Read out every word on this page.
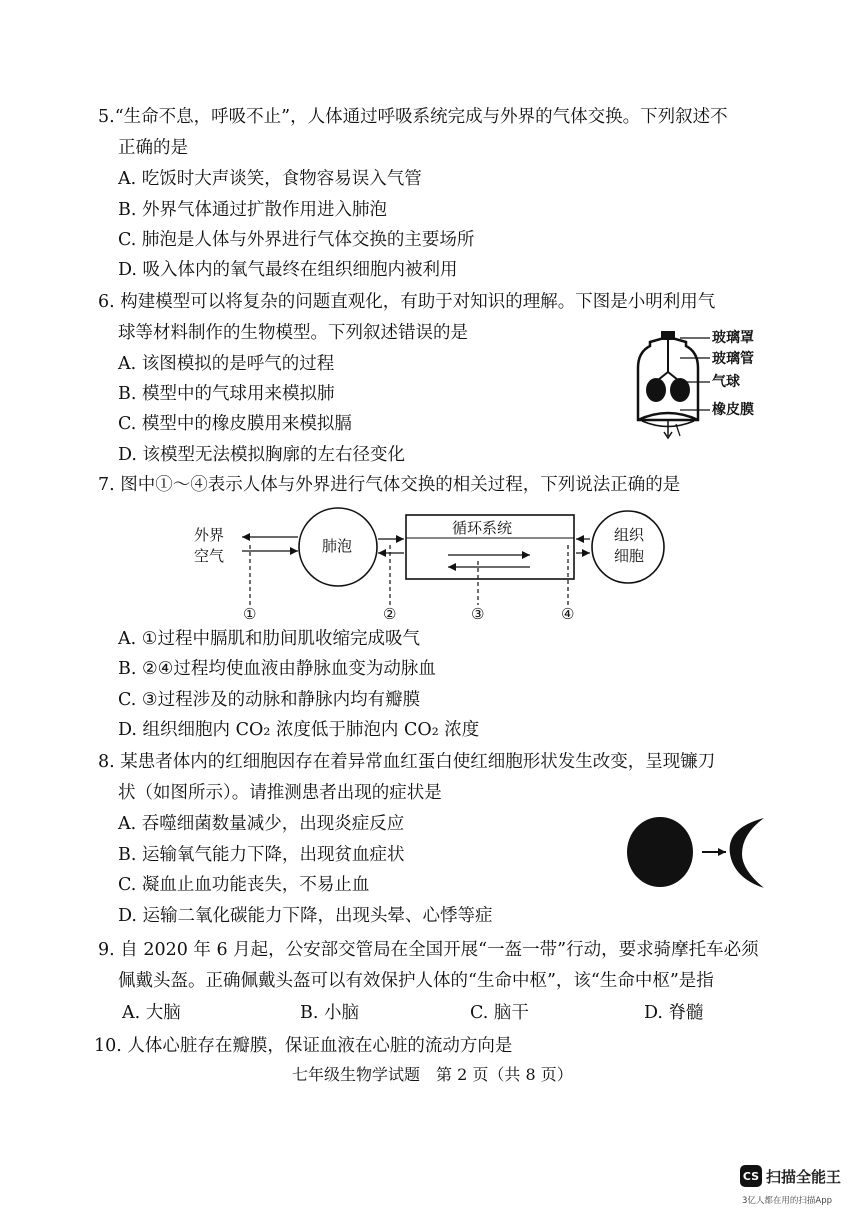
5.“生命不息，呼吸不止”，人体通过呼吸系统完成与外界的气体交换。下列叙述不
正确的是
A. 吃饭时大声谈笑，食物容易误入气管
B. 外界气体通过扩散作用进入肺泡
C. 肺泡是人体与外界进行气体交换的主要场所
D. 吸入体内的氧气最终在组织细胞内被利用
6. 构建模型可以将复杂的问题直观化，有助于对知识的理解。下图是小明利用气
球等材料制作的生物模型。下列叙述错误的是
A. 该图模拟的是呼气的过程
B. 模型中的气球用来模拟肺
C. 模型中的橡皮膜用来模拟膈
D. 该模型无法模拟胸廓的左右径变化
玻璃罩
玻璃管
气球
橡皮膜
7. 图中①～④表示人体与外界进行气体交换的相关过程，下列说法正确的是
外界
空气
肺泡
循环系统	组织
细胞
①	②	③	④
A. ①过程中膈肌和肋间肌收缩完成吸气
B. ②④过程均使血液由静脉血变为动脉血
C. ③过程涉及的动脉和静脉内均有瓣膜
D. 组织细胞内 CO₂ 浓度低于肺泡内 CO₂ 浓度
8. 某患者体内的红细胞因存在着异常血红蛋白使红细胞形状发生改变，呈现镰刀
状（如图所示）。请推测患者出现的症状是
A. 吞噬细菌数量减少，出现炎症反应
B. 运输氧气能力下降，出现贫血症状
C. 凝血止血功能丧失，不易止血
D. 运输二氧化碳能力下降，出现头晕、心悸等症
9. 自 2020 年 6 月起，公安部交管局在全国开展“一盔一带”行动，要求骑摩托车必须
佩戴头盔。正确佩戴头盔可以有效保护人体的“生命中枢”，该“生命中枢”是指
A. 大脑	B. 小脑	C. 脑干	D. 脊髓
10. 人体心脏存在瓣膜，保证血液在心脏的流动方向是
七年级生物学试题　第 2 页（共 8 页）
CS 扫描全能王
3亿人都在用的扫描App
